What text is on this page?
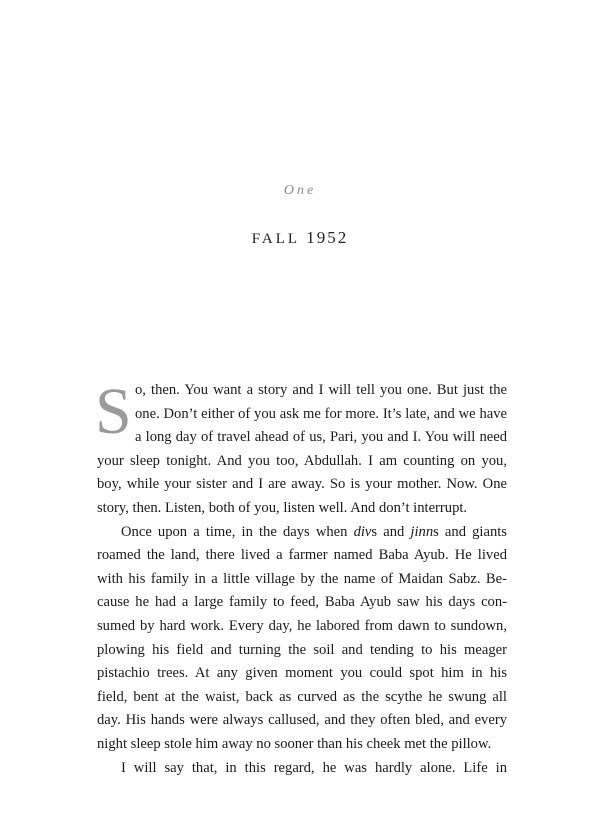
One
FALL 1952
S o, then. You want a story and I will tell you one. But just the
one. Don’t either of you ask me for more. It’s late, and we have
a long day of travel ahead of us, Pari, you and I. You will need
your sleep tonight. And you too, Abdullah. I am counting on you,
boy, while your sister and I are away. So is your mother. Now. One
story, then. Listen, both of you, listen well. And don’t interrupt.
Once upon a time, in the days when divs and jinns and giants
roamed the land, there lived a farmer named Baba Ayub. He lived
with his family in a little village by the name of Maidan Sabz. Be-
cause he had a large family to feed, Baba Ayub saw his days con-
sumed by hard work. Every day, he labored from dawn to sundown,
plowing his field and turning the soil and tending to his meager
pistachio trees. At any given moment you could spot him in his
field, bent at the waist, back as curved as the scythe he swung all
day. His hands were always callused, and they often bled, and every
night sleep stole him away no sooner than his cheek met the pillow.
I will say that, in this regard, he was hardly alone. Life in
